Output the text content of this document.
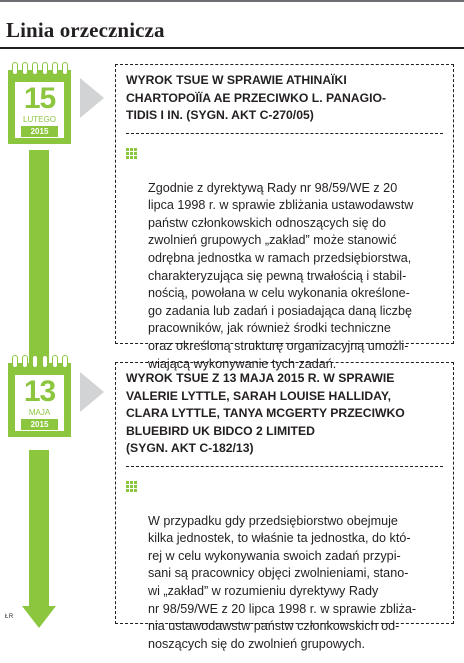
Linia orzecznicza
15
LUTEGO
2015
WYROK TSUE W SPRAWIE ATHINAÏKI
CHARTOPOÏÏA AE PRZECIWKO L. PANAGIO-
TIDIS I IN. (SYGN. AKT C-270/05)

Zgodnie z dyrektywą Rady nr 98/59/WE z 20
lipca 1998 r. w sprawie zbliżania ustawodawstw
państw członkowskich odnoszących się do
zwolnień grupowych „zakład” może stanowić
odrębna jednostka w ramach przedsiębiorstwa,
charakteryzująca się pewną trwałością i stabil-
nością, powołana w celu wykonania określone-
go zadania lub zadań i posiadająca daną liczbę
pracowników, jak również środki techniczne
oraz określoną strukturę organizacyjną umożli-
wiającą wykonywanie tych zadań.

13
MAJA
2015
WYROK TSUE Z 13 MAJA 2015 R. W SPRAWIE
VALERIE LYTTLE, SARAH LOUISE HALLIDAY,
CLARA LYTTLE, TANYA MCGERTY PRZECIWKO
BLUEBIRD UK BIDCO 2 LIMITED
(SYGN. AKT C-182/13)

W przypadku gdy przedsiębiorstwo obejmuje
kilka jednostek, to właśnie ta jednostka, do któ-
rej w celu wykonywania swoich zadań przypi-
sani są pracownicy objęci zwolnieniami, stano-
wi „zakład” w rozumieniu dyrektywy Rady
nr 98/59/WE z 20 lipca 1998 r. w sprawie zbliża-
nia ustawodawstw państw członkowskich od-
noszących się do zwolnień grupowych.

ŁR
